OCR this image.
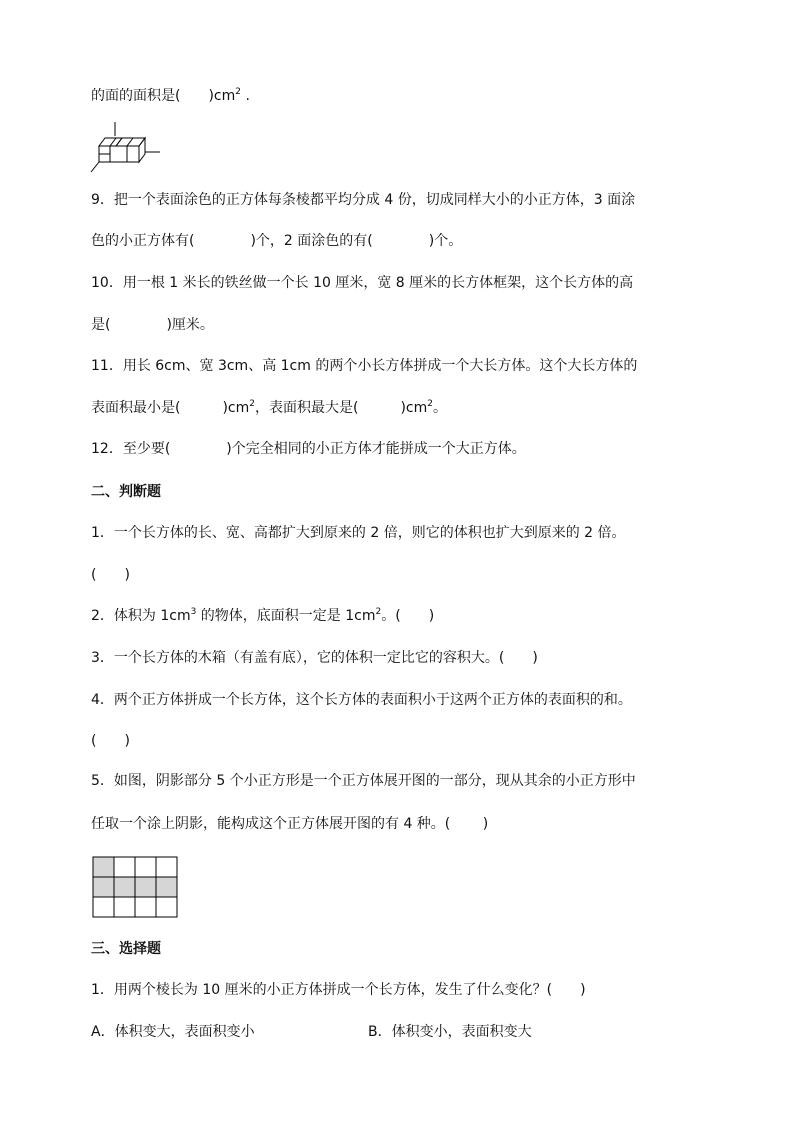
的面的面积是(　　)$cm^2$ .
9．把一个表面涂色的正方体每条棱都平均分成 4 份，切成同样大小的小正方体，3 面涂
色的小正方体有(　　　　)个，2 面涂色的有(　　　　)个。
10．用一根 1 米长的铁丝做一个长 10 厘米，宽 8 厘米的长方体框架，这个长方体的高
是(　　　　)厘米。
11．用长 6cm、宽 3cm、高 1cm 的两个小长方体拼成一个大长方体。这个大长方体的
表面积最小是(　　　)$cm^2$，表面积最大是(　　　)$cm^2$。
12．至少要(　　　　)个完全相同的小正方体才能拼成一个大正方体。
二、判断题
1．一个长方体的长、宽、高都扩大到原来的 2 倍，则它的体积也扩大到原来的 2 倍。
(　　)
2．体积为 $1cm^3$ 的物体，底面积一定是 $1cm^2$。(　　)
3．一个长方体的木箱（有盖有底），它的体积一定比它的容积大。(　　)
4．两个正方体拼成一个长方体，这个长方体的表面积小于这两个正方体的表面积的和。
(　　)
5．如图，阴影部分 5 个小正方形是一个正方体展开图的一部分，现从其余的小正方形中
任取一个涂上阴影，能构成这个正方体展开图的有 4 种。(　　 )
三、选择题
1．用两个棱长为 10 厘米的小正方体拼成一个长方体，发生了什么变化？(　　)
A．体积变大，表面积变小	B．体积变小，表面积变大
